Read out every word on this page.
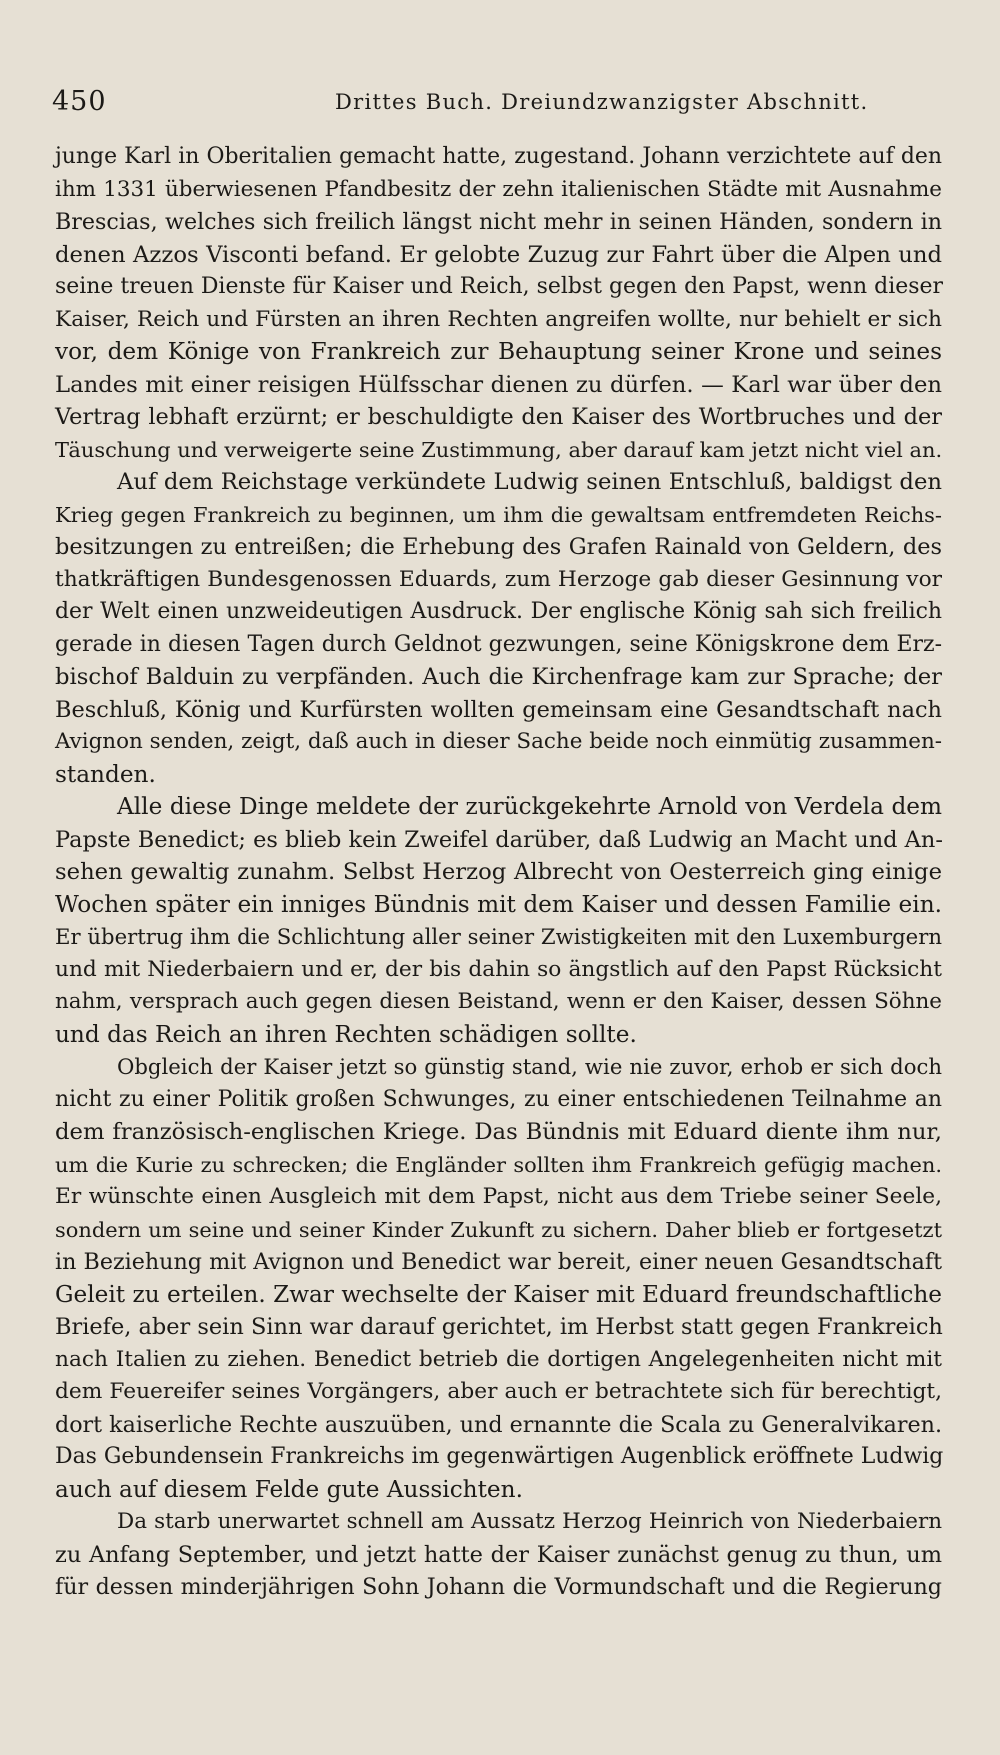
450	Drittes Buch. Dreiundzwanzigster Abschnitt.

junge Karl in Oberitalien gemacht hatte, zugestand. Johann verzichtete auf den
ihm 1331 überwiesenen Pfandbesitz der zehn italienischen Städte mit Ausnahme
Brescias, welches sich freilich längst nicht mehr in seinen Händen, sondern in
denen Azzos Visconti befand. Er gelobte Zuzug zur Fahrt über die Alpen und
seine treuen Dienste für Kaiser und Reich, selbst gegen den Papst, wenn dieser
Kaiser, Reich und Fürsten an ihren Rechten angreifen wollte, nur behielt er sich
vor, dem Könige von Frankreich zur Behauptung seiner Krone und seines
Landes mit einer reisigen Hülfsschar dienen zu dürfen. — Karl war über den
Vertrag lebhaft erzürnt; er beschuldigte den Kaiser des Wortbruches und der
Täuschung und verweigerte seine Zustimmung, aber darauf kam jetzt nicht viel an.

Auf dem Reichstage verkündete Ludwig seinen Entschluß, baldigst den
Krieg gegen Frankreich zu beginnen, um ihm die gewaltsam entfremdeten Reichs-
besitzungen zu entreißen; die Erhebung des Grafen Rainald von Geldern, des
thatkräftigen Bundesgenossen Eduards, zum Herzoge gab dieser Gesinnung vor
der Welt einen unzweideutigen Ausdruck. Der englische König sah sich freilich
gerade in diesen Tagen durch Geldnot gezwungen, seine Königskrone dem Erz-
bischof Balduin zu verpfänden. Auch die Kirchenfrage kam zur Sprache; der
Beschluß, König und Kurfürsten wollten gemeinsam eine Gesandtschaft nach
Avignon senden, zeigt, daß auch in dieser Sache beide noch einmütig zusammen-
standen.

Alle diese Dinge meldete der zurückgekehrte Arnold von Verdela dem
Papste Benedict; es blieb kein Zweifel darüber, daß Ludwig an Macht und An-
sehen gewaltig zunahm. Selbst Herzog Albrecht von Oesterreich ging einige
Wochen später ein inniges Bündnis mit dem Kaiser und dessen Familie ein.
Er übertrug ihm die Schlichtung aller seiner Zwistigkeiten mit den Luxemburgern
und mit Niederbaiern und er, der bis dahin so ängstlich auf den Papst Rücksicht
nahm, versprach auch gegen diesen Beistand, wenn er den Kaiser, dessen Söhne
und das Reich an ihren Rechten schädigen sollte.

Obgleich der Kaiser jetzt so günstig stand, wie nie zuvor, erhob er sich doch
nicht zu einer Politik großen Schwunges, zu einer entschiedenen Teilnahme an
dem französisch-englischen Kriege. Das Bündnis mit Eduard diente ihm nur,
um die Kurie zu schrecken; die Engländer sollten ihm Frankreich gefügig machen.
Er wünschte einen Ausgleich mit dem Papst, nicht aus dem Triebe seiner Seele,
sondern um seine und seiner Kinder Zukunft zu sichern. Daher blieb er fortgesetzt
in Beziehung mit Avignon und Benedict war bereit, einer neuen Gesandtschaft
Geleit zu erteilen. Zwar wechselte der Kaiser mit Eduard freundschaftliche
Briefe, aber sein Sinn war darauf gerichtet, im Herbst statt gegen Frankreich
nach Italien zu ziehen. Benedict betrieb die dortigen Angelegenheiten nicht mit
dem Feuereifer seines Vorgängers, aber auch er betrachtete sich für berechtigt,
dort kaiserliche Rechte auszuüben, und ernannte die Scala zu Generalvikaren.
Das Gebundensein Frankreichs im gegenwärtigen Augenblick eröffnete Ludwig
auch auf diesem Felde gute Aussichten.

Da starb unerwartet schnell am Aussatz Herzog Heinrich von Niederbaiern
zu Anfang September, und jetzt hatte der Kaiser zunächst genug zu thun, um
für dessen minderjährigen Sohn Johann die Vormundschaft und die Regierung
